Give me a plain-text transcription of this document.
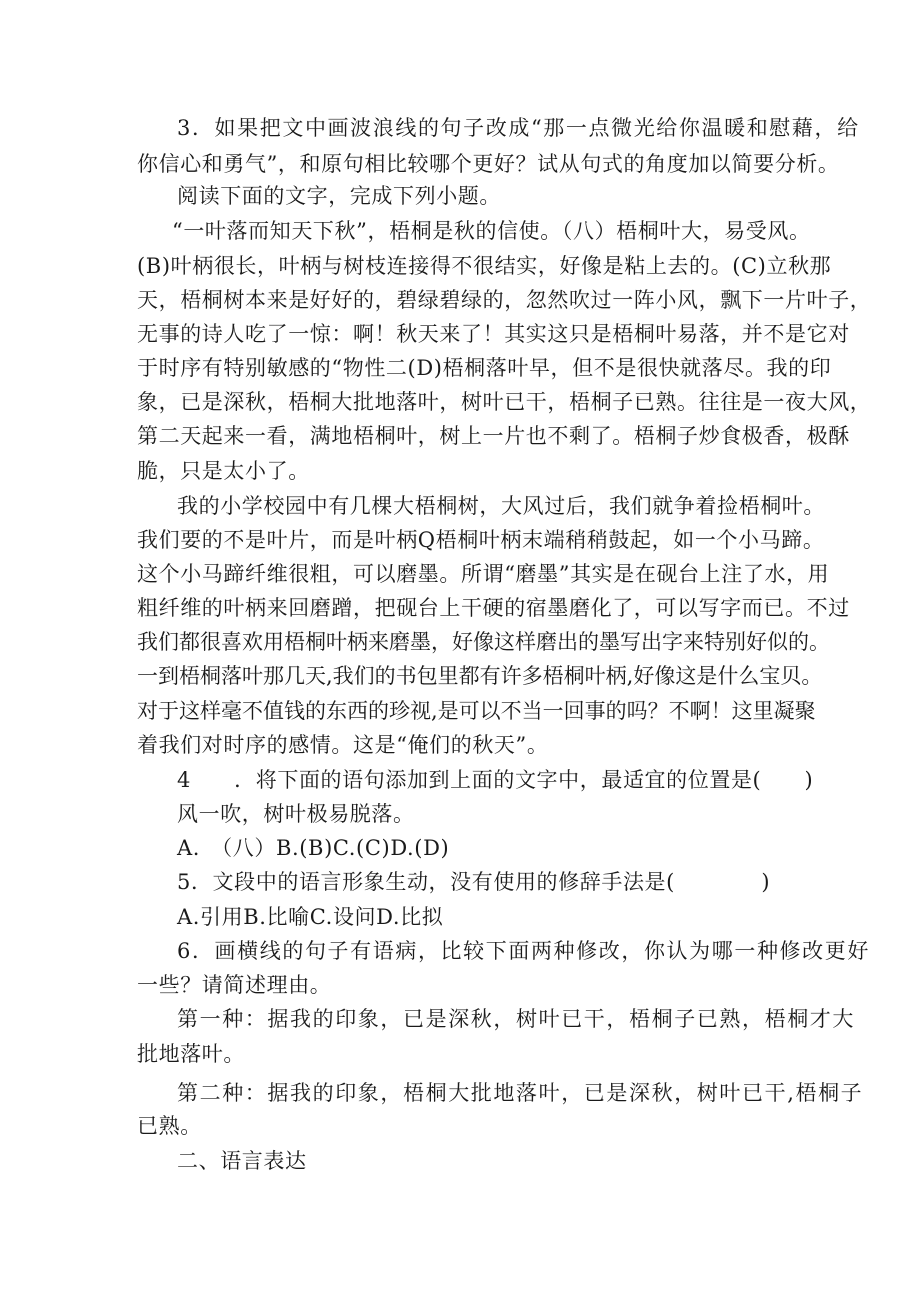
3．如果把文中画波浪线的句子改成“那一点微光给你温暖和慰藉，给
你信心和勇气”，和原句相比较哪个更好？试从句式的角度加以简要分析。
阅读下面的文字，完成下列小题。
“一叶落而知天下秋”，梧桐是秋的信使。（八）梧桐叶大，易受风。
(B)叶柄很长，叶柄与树枝连接得不很结实，好像是粘上去的。(C)立秋那
天，梧桐树本来是好好的，碧绿碧绿的，忽然吹过一阵小风，飘下一片叶子，
无事的诗人吃了一惊：啊！秋天来了！其实这只是梧桐叶易落，并不是它对
于时序有特别敏感的“物性二(D)梧桐落叶早，但不是很快就落尽。我的印
象，已是深秋，梧桐大批地落叶，树叶已干，梧桐子已熟。往往是一夜大风，
第二天起来一看，满地梧桐叶，树上一片也不剩了。梧桐子炒食极香，极酥
脆，只是太小了。
我的小学校园中有几棵大梧桐树，大风过后，我们就争着捡梧桐叶。
我们要的不是叶片，而是叶柄Q梧桐叶柄末端稍稍鼓起，如一个小马蹄。
这个小马蹄纤维很粗，可以磨墨。所谓“磨墨”其实是在砚台上注了水，用
粗纤维的叶柄来回磨蹭，把砚台上干硬的宿墨磨化了，可以写字而已。不过
我们都很喜欢用梧桐叶柄来磨墨，好像这样磨出的墨写出字来特别好似的。
一到梧桐落叶那几天,我们的书包里都有许多梧桐叶柄,好像这是什么宝贝。
对于这样毫不值钱的东西的珍视,是可以不当一回事的吗？不啊！这里凝聚
着我们对时序的感情。这是“俺们的秋天”。
4　　．将下面的语句添加到上面的文字中，最适宜的位置是(　　)
风一吹，树叶极易脱落。
A.　（八）B.(B)C.(C)D.(D)
5．文段中的语言形象生动，没有使用的修辞手法是(　　　　)
A.引用B.比喻C.设问D.比拟
6．画横线的句子有语病，比较下面两种修改，你认为哪一种修改更好
一些？请简述理由。
第一种：据我的印象，已是深秋，树叶已干，梧桐子已熟，梧桐才大
批地落叶。
第二种：据我的印象，梧桐大批地落叶，已是深秋，树叶已干,梧桐子
已熟。
二、语言表达
